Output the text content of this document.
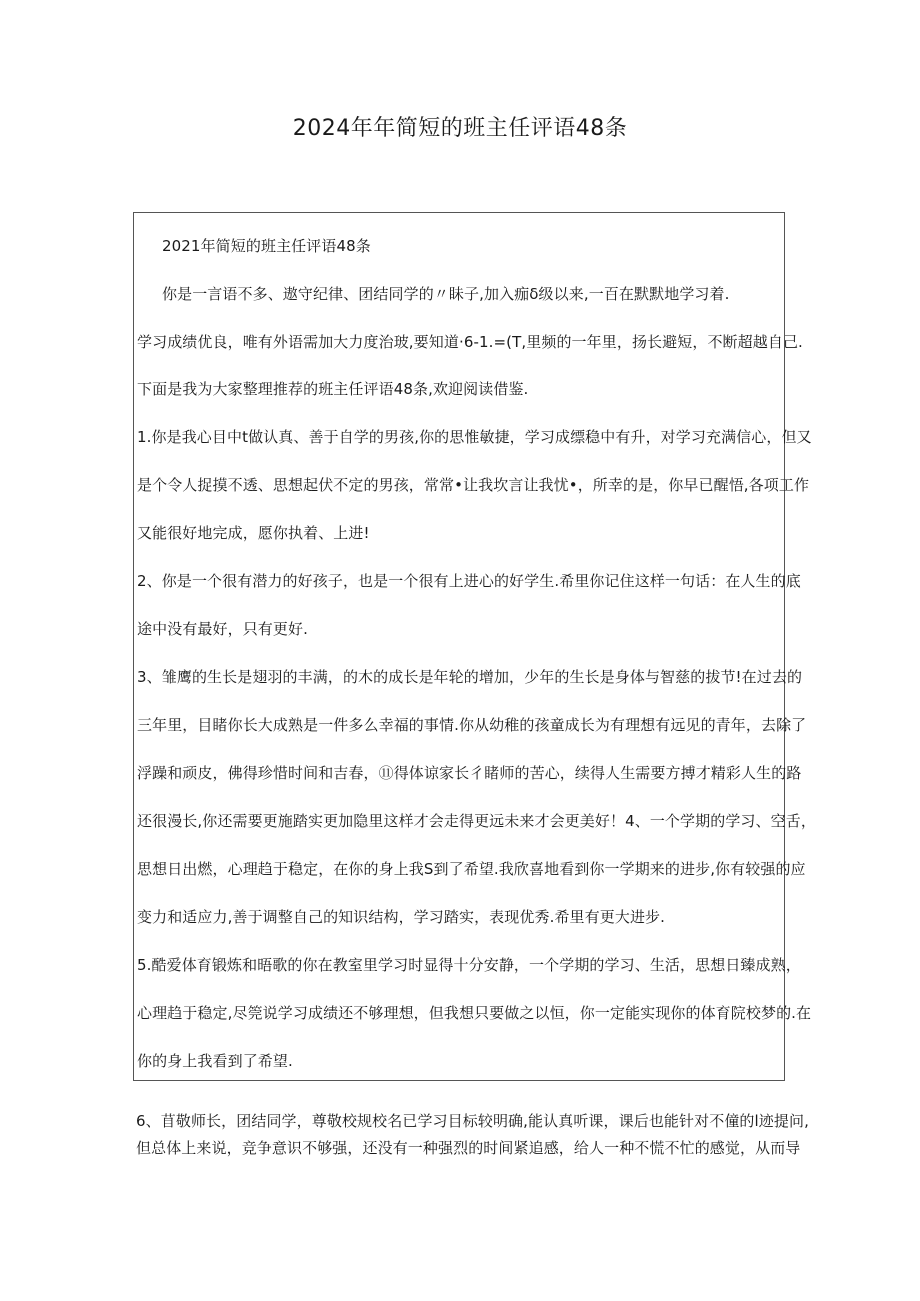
2024年年简短的班主任评语48条
2021年简短的班主任评语48条
你是一言语不多、遨守纪律、团结同学的〃眛子,加入痂δ级以来,一百在默默地学习着.
学习成绩优良，唯有外语需加大力度治玻,要知道·6-1.=(T,里频的一年里，扬长避短，不断超越自己.
下面是我为大家整理推荐的班主任评语48条,欢迎阅读借鉴.
1.你是我心目中t做认真、善于自学的男孩,你的思惟敏捷，学习成缥稳中有升，对学习充满信心，但又
是个令人捉摸不透、思想起伏不定的男孩，常常•让我坎言让我忧•，所幸的是，你早已醒悟,各项工作
又能很好地完成，愿你执着、上进!
2、你是一个很有潜力的好孩子，也是一个很有上进心的好学生.希里你记住这样一句话：在人生的底
途中没有最好，只有更好.
3、雏鹰的生长是翅羽的丰满，的木的成长是年轮的增加，少年的生长是身体与智慈的拔节!在过去的
三年里，目睹你长大成熟是一件多么幸福的事情.你从幼稚的孩童成长为有理想有远见的青年，去除了
浮躁和顽皮，佛得珍惜时间和吉春，⑪得体谅家长彳睹师的苦心，续得人生需要方搏才精彩人生的路
还很漫长,你还需要更施踏实更加隐里这样才会走得更远未来才会更美好！4、一个学期的学习、空舌，
思想日出燃，心理趋于稳定，在你的身上我S到了希望.我欣喜地看到你一学期来的进步,你有较强的应
变力和适应力,善于调整自己的知识结构，学习踏实，表现优秀.希里有更大进步.
5.酷爱体育锻炼和晤歌的你在教室里学习时显得十分安静，一个学期的学习、生活，思想日臻成熟，
心理趋于稳定,尽筦说学习成绩还不够理想，但我想只要做之以恒，你一定能实现你的体育院校梦的.在
你的身上我看到了希望.
6、苜敬师长，团结同学，尊敬校规校名已学习目标较明确,能认真听课，课后也能针对不僮的l迹提问,
但总体上来说，竞争意识不够强，还没有一种强烈的时间紧追感，给人一种不慌不忙的感觉，从而导
